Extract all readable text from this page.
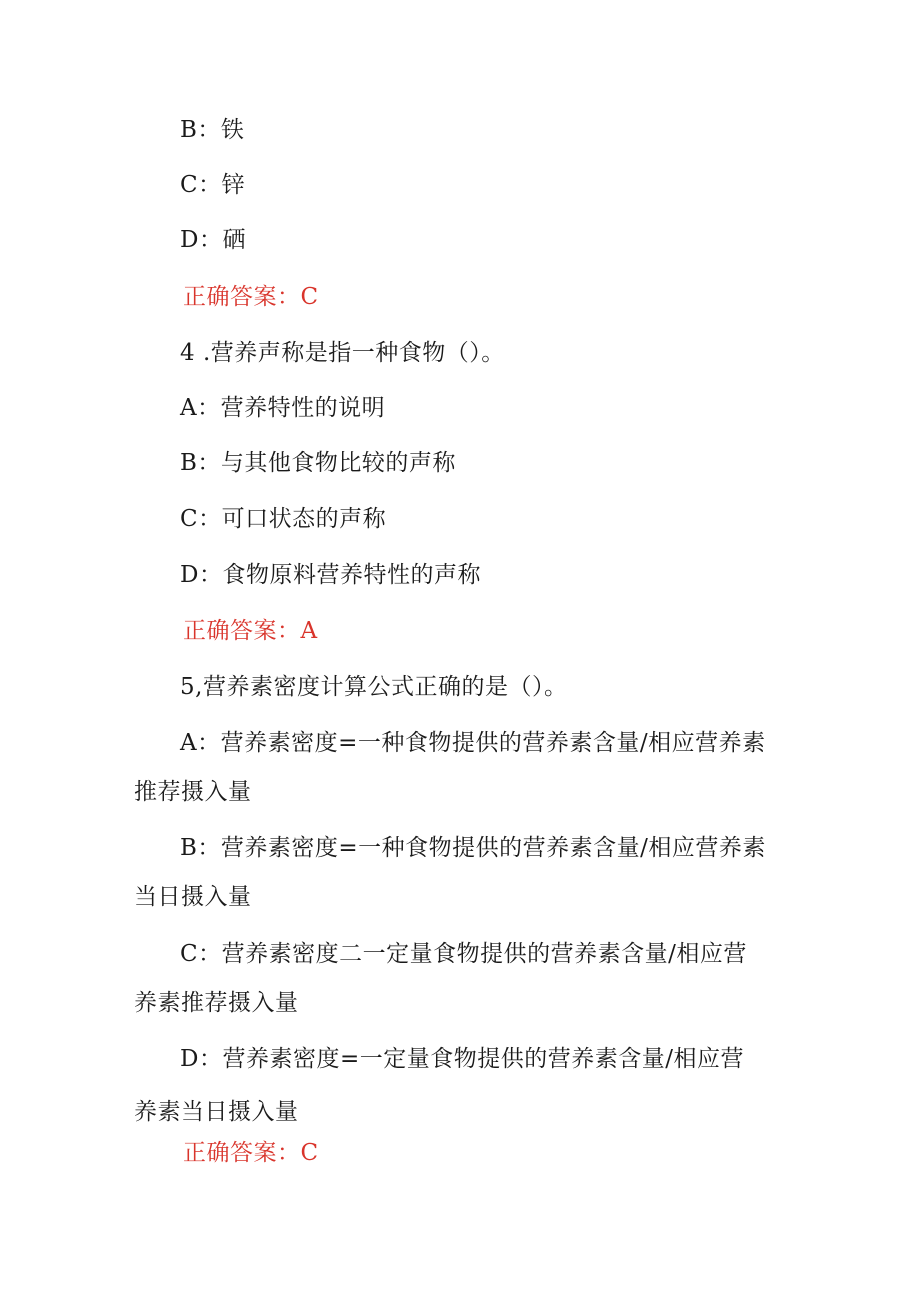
B：铁
C：锌
D：硒
正确答案：C
4 .营养声称是指一种食物（）。
A：营养特性的说明
B：与其他食物比较的声称
C：可口状态的声称
D：食物原料营养特性的声称
正确答案：A
5,营养素密度计算公式正确的是（）。
A：营养素密度=一种食物提供的营养素含量/相应营养素
推荐摄入量
B：营养素密度=一种食物提供的营养素含量/相应营养素
当日摄入量
C：营养素密度二一定量食物提供的营养素含量/相应营
养素推荐摄入量
D：营养素密度=一定量食物提供的营养素含量/相应营
养素当日摄入量
正确答案：C
